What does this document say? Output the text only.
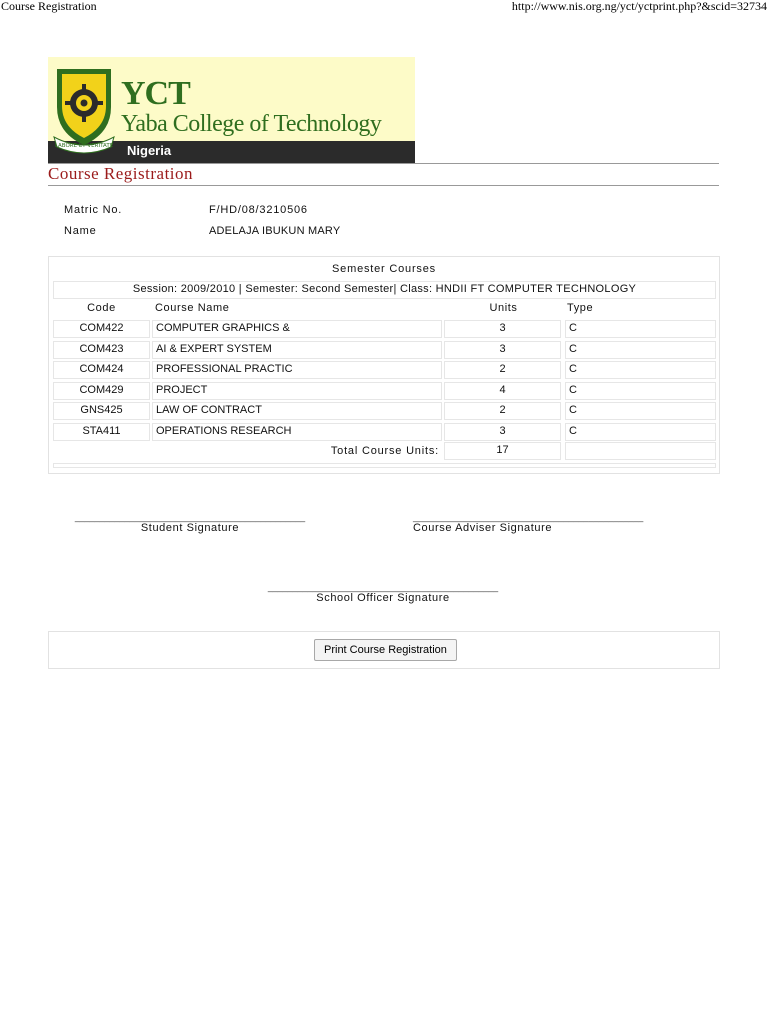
Course Registration	http://www.nis.org.ng/yct/yctprint.php?&scid=32734
LABORE ET VERITATE
YCT
Yaba College of Technology
Nigeria
Course Registration
Matric No.	F/HD/08/3210506
Name	ADELAJA IBUKUN MARY
Semester Courses
Session: 2009/2010 | Semester: Second Semester| Class: HNDII FT COMPUTER TECHNOLOGY
Code	Course Name	Units	Type
COM422	COMPUTER GRAPHICS &	3	C
COM423	AI & EXPERT SYSTEM	3	C
COM424	PROFESSIONAL PRACTIC	2	C
COM429	PROJECT	4	C
GNS425	LAW OF CONTRACT	2	C
STA411	OPERATIONS RESEARCH	3	C
Total Course Units:	17
______________________________________________
Student Signature
______________________________________________
Course Adviser Signature
______________________________________________
School Officer Signature
Print Course Registration
